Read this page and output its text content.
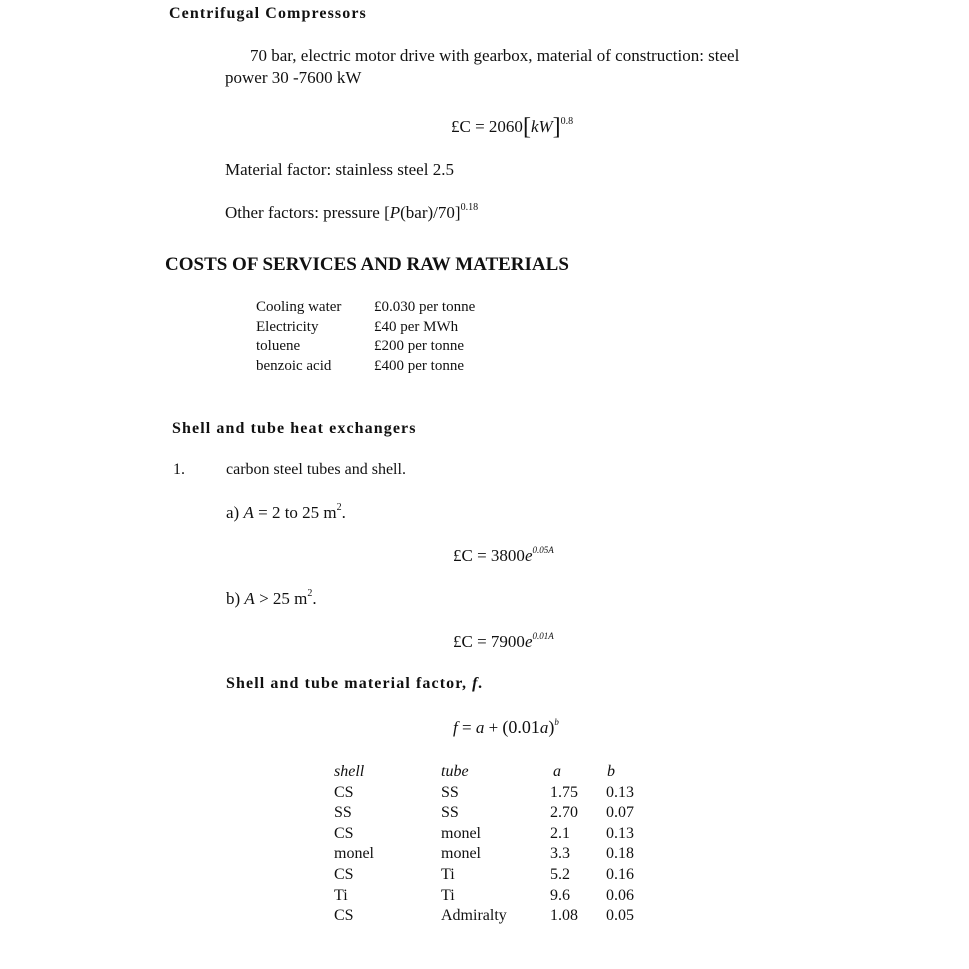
Centrifugal Compressors
70 bar, electric motor drive with gearbox, material of construction: steel
power 30 -7600 kW
£C = 2060[kW]$^{0.8}$
Material factor: stainless steel 2.5
Other factors: pressure $[P(bar)/70]^{0.18}$
COSTS OF SERVICES AND RAW MATERIALS
Cooling water	£0.030 per tonne
Electricity	£40 per MWh
toluene	£200 per tonne
benzoic acid	£400 per tonne
Shell and tube heat exchangers
1.	carbon steel tubes and shell.
a) A = 2 to 25 $m^2$.
£C = $3800e^{0.05A}$
b) A > 25 $m^2$.
£C = $7900e^{0.01A}$
Shell and tube material factor, f.
$f = a + (0.01a)^b$
shell	tube	a	b
CS	SS	1.75	0.13
SS	SS	2.70	0.07
CS	monel	2.1	0.13
monel	monel	3.3	0.18
CS	Ti	5.2	0.16
Ti	Ti	9.6	0.06
CS	Admiralty	1.08	0.05
